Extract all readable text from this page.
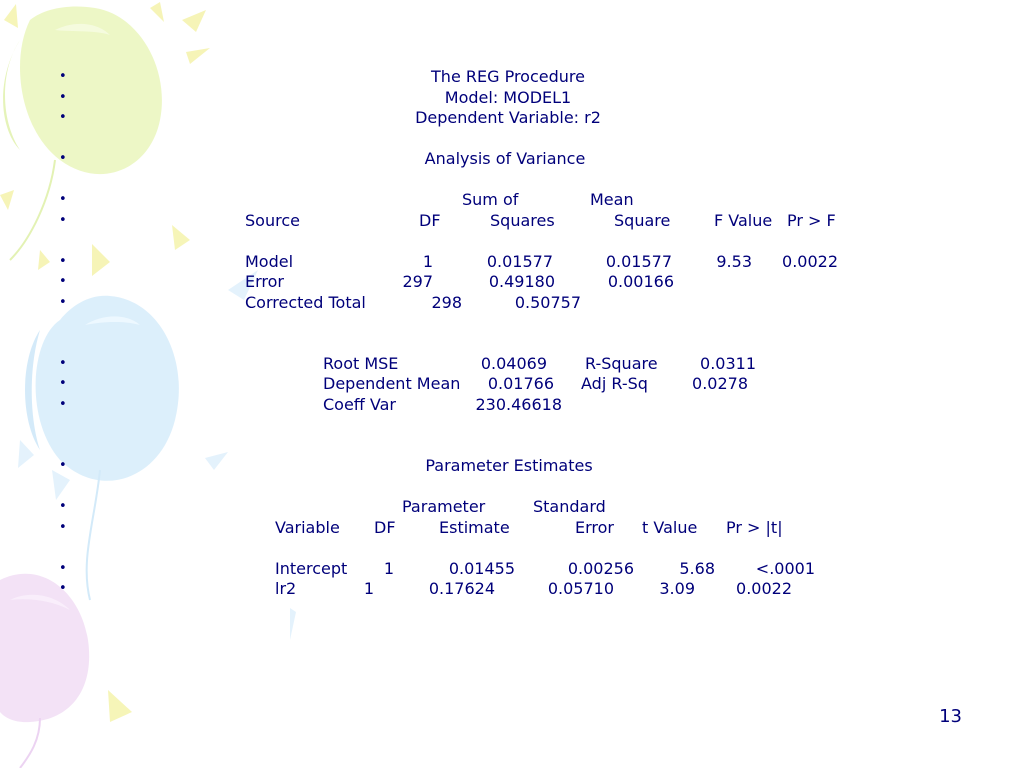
•

	The REG Procedure

•

	Model: MODEL1

•

	Dependent Variable: r2

•

	Analysis of Variance

•

	Sum of

	Mean

•

	Source

	DF

	Squares

	Square

	F Value

Pr > F

•

	Model

	1

	0.01577

	0.01577

	9.53

0.0022

•

	Error

	297

	0.49180

	0.00166

•

	Corrected Total

	298

	0.50757

•

	Root MSE

	0.04069

R-Square

	0.0311

•

	Dependent Mean

0.01766

Adj R-Sq

	0.0278

•

	Coeff Var

	230.46618

•

	Parameter Estimates

•

	Parameter

	Standard

•

	Variable

DF

	Estimate

	Error

t Value

Pr > |t|

•

	Intercept

1

	0.01455

	0.00256

	5.68

	<.0001

•

	lr2

	1

	0.17624

	0.05710

	3.09

	0.0022

13
